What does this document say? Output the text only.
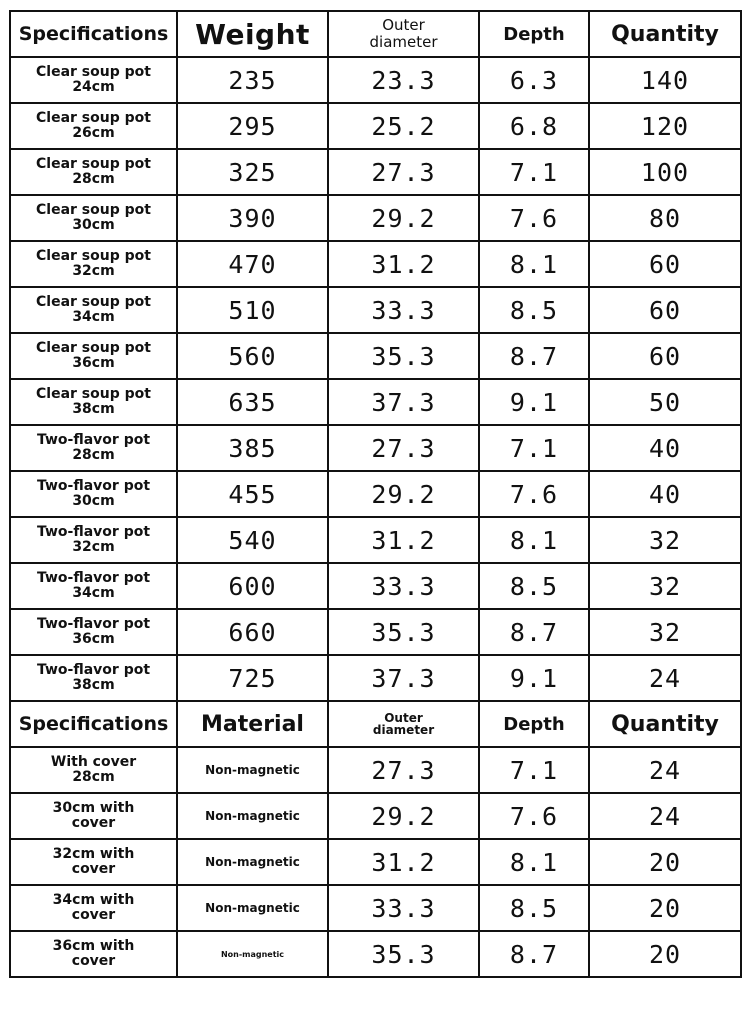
Specifications	Weight	Outer
diameter	Depth	Quantity
Clear soup pot
24cm	235	23.3	6.3	140
Clear soup pot
26cm	295	25.2	6.8	120
Clear soup pot
28cm	325	27.3	7.1	100
Clear soup pot
30cm	390	29.2	7.6	80
Clear soup pot
32cm	470	31.2	8.1	60
Clear soup pot
34cm	510	33.3	8.5	60
Clear soup pot
36cm	560	35.3	8.7	60
Clear soup pot
38cm	635	37.3	9.1	50
Two-flavor pot
28cm	385	27.3	7.1	40
Two-flavor pot
30cm	455	29.2	7.6	40
Two-flavor pot
32cm	540	31.2	8.1	32
Two-flavor pot
34cm	600	33.3	8.5	32
Two-flavor pot
36cm	660	35.3	8.7	32
Two-flavor pot
38cm	725	37.3	9.1	24
Specifications	Material	Outer
diameter	Depth	Quantity
With cover
28cm	Non-magnetic	27.3	7.1	24
30cm with
cover	Non-magnetic	29.2	7.6	24
32cm with
cover	Non-magnetic	31.2	8.1	20
34cm with
cover	Non-magnetic	33.3	8.5	20
36cm with
cover	Non-magnetic	35.3	8.7	20
